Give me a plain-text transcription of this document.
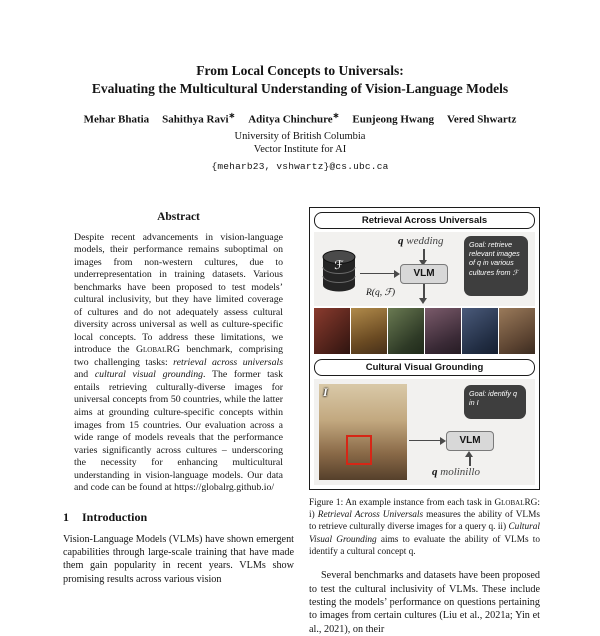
From Local Concepts to Universals:
Evaluating the Multicultural Understanding of Vision-Language Models
Mehar Bhatia Sahithya Ravi∗ Aditya Chinchure∗ Eunjeong Hwang Vered Shwartz
University of British Columbia
Vector Institute for AI
{meharb23, vshwartz}@cs.ubc.ca
Abstract

Despite recent advancements in vision-language models, their performance remains suboptimal on images from non-western cultures, due to underrepresentation in training datasets. Various benchmarks have been proposed to test models’ cultural inclusivity, but they have limited coverage of cultures and do not adequately assess cultural diversity across universal as well as culture-specific local concepts. To address these limitations, we introduce the GlobalRG benchmark, comprising two challenging tasks: retrieval across universals and cultural visual grounding. The former task entails retrieving culturally-diverse images for universal concepts from 50 countries, while the latter aims at grounding culture-specific concepts within images from 15 countries. Our evaluation across a wide range of models reveals that the performance varies significantly across cultures – underscoring the necessity for enhancing multicultural understanding in vision-language models. Our data and code can be found at https://globalrg.github.io/

1 Introduction

Vision-Language Models (VLMs) have shown emergent capabilities through large-scale training that have made them gain popularity in recent years. VLMs show promising results across various vision

Retrieval Across Universals
ℱ
q wedding
VLM
R(q, ℱ)
Goal: retrieve relevant images of q in various cultures from ℱ
Cultural Visual Grounding
I
VLM
Goal: identify q in I
q molinillo
Figure 1: An example instance from each task in GlobalRG: i) Retrieval Across Universals measures the ability of VLMs to retrieve culturally diverse images for a query q. ii) Cultural Visual Grounding aims to evaluate the ability of VLMs to identify a cultural concept q.

Several benchmarks and datasets have been proposed to test the cultural inclusivity of VLMs. These include testing the models’ performance on questions pertaining to images from certain cultures (Liu et al., 2021a; Yin et al., 2021), on their
